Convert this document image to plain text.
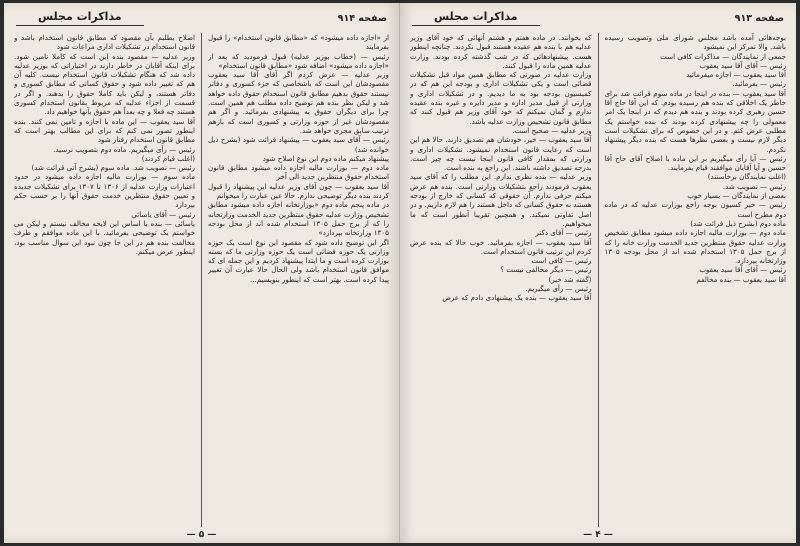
مذاکرات مجلس	صفحه ۹۱۴

از «اجازه داده میشود» که «مطابق قانون استخدام» را قبول بفرمایند

رئیس — (خطاب بوزیر عدلیه) قبول فرمودید که بعد از «اجازه داده میشود» اضافه شود «مطابق قانون استخدام»

وزیر عدلیه — عرض کردم اگر آقای آقا سید یعقوب مقصودشان این است که باشخاصی که جزء کسوری و دفاتر نیستند حقوق بدهیم مطابق قانون استخدام حقوق داده خواهد شد و لیکن نظر بنده هم توضیح داده مطلب هم همین است. چرا برای دیگران حقوق به پیشنهادی بفرمائید. و اگر هم مقصودشان غیر از حوزه وزارتی و کسوری است که بازهم ترتیب سابق مجری خواهد شد.

رئیس — آقای سید یعقوب — پیشنهاد قرائت شود (بشرح ذیل خوانده شد)

پیشنهاد میکنم ماده دوم این نوع اصلاح شود

ماده دوم — بوزارت مالیه اجازه داده میشود مطابق قانون استخدام حقوق منتظرین جدید الی آخر

آقا سید یعقوب — چون آقای وزیر عدلیه این پیشنهاد را قبول کردند بنده دیگر توضیحی ندارم. حالا عین عبارت را میخوانم

در ماده پنجم ماده دوم «بوزارتخانه اجازه داده میشود مطابق تشخیص وزارت عدلیه حقوق منتظرین جدید الخدمت وزارتخانه را که از برج حمل ۱۳۰۵ استخدام شده اند از محل بودجه ۱۳۰۵ وزارتخانه بپردازد»

اگر این توضیح داده شود که مقصود این نوع است یک حوزه وزارتی یک حوزه قضائی است یک حوزه وزارتی ما که بسته بوزارت کرده است و ما ابتدا پیشنهاد کردیم و این جمله ای که موافق قانون استخدام باشد ولی الحال حالا عبارت آن تغییر پیدا کرده است. بهتر است که اینطور بنویسیم...

اصلاح بطلبم بآن مقصود که مطابق قانون استخدام باشد و قانون استخدام در تشکیلات اداری مراعات شود

وزیر عدلیه — مقصود بنده این است که کاملا تامین شود. برای اینکه آقایان در خاطر دارند در اختیاراتی که بوزیر عدلیه داده شد که هنگام تشکیلات قانون استخدام نیست. کلیه آن هم که تغییر داده شود و حقوق کسانی که مطابق کسوری و دفاتر هستند، و لیکن باید کاملا حقوق را بدهند. و اگر در قسمت از اجزاء عدلیه که مربوط بقانون استخدام کسوری هستند چه فعلا و چه بعداً هم حقوق بآنها خواهیم داد.

آقا سید یعقوب — این ماده با اجازه و تامین نمی کنند. بنده اینطور تصور نمی کنم که برای این مطالب بهتر است که مطابق قانون استخدام رفتار شود

رئیس — رأی میگیریم. ماده دوم بتصویب نرسید.

(اغلب قیام کردند)

رئیس — تصویب شد. ماده سوم (بشرح آتی قرائت شد)

ماده سوم — بوزارت مالیه اجازه داده میشود در حدود اعتبارات وزارت عدلیه از ۱۳۰۶ تا ۱۳۰۷ برای تشکیلات جدیده و تعیین حقوق منتظرین خدمت حقوق آنها را بر حسب حکم بپردازد

رئیس — آقای یاسائی

یاسائی — بنده با اساس این لایحه مخالف نیستم و لیکن می خواستم یک توضیحی بفرمائید. با این ماده موافقم و طرف مخالفت بنده هم در این جا چون نبود این سوال مناسب بود، اینطور عرض میکنم.

— ۵ —
مذاکرات مجلس	صفحه ۹۱۳

بوجه‌هائی آمده باشد مجلس شورای ملی وتصویب رسیده باشد. والا تمرکز این نمیشود

جمعی از نمایندگان — مذاکرات کافی است

رئیس — آقای آقا سید یعقوب

آقا سید یعقوب — اجازه میفرمائید

رئیس — بفرمائید.

آقا سید یعقوب — بنده در اینجا در ماده سوم قرائت شد برای خاطر یک اخلاقی که بنده هم رسیده بودم. که این آقا حاج آقا حسین رهبری کرده بودند و بنده هم دیدم که در اینجا یک امر معمولی را چه پیشنهادی کرده بودند که بنده خواستم یک مطلبی عرض کنم. و در این خصوص که برای تشکیلات است دیگر لازم نیست و بعضی نظرها هست که بنده دیگر پیشنهاد نکردم.

رئیس — آیا رأی میگیریم بر این ماده با اصلاح آقای حاج آقا حسین و آیا آقایان موافقند قیام بفرمایند.

(اغلب نمایندگان برخاستند)

رئیس — تصویب شد.

بعضی از نمایندگان — بسیار خوب

رئیس — خیر کسیون بوجه راجع بوزارت عدلیه که در ماده دوم مطرح است

ماده دوم (بشرح ذیل قرائت شد)

ماده دوم — بوزارت مالیه اجازه داده میشود مطابق تشخیص وزارت عدلیه حقوق منتظرین جدید الخدمت وزارت خانه را که از برج حمل ۱۳۰۵ استخدام شده اند از محل بودجه ۱۳۰۵ وزارتخانه بپردازد.

رئیس — آقای آقا سید یعقوب

آقا سید یعقوب — بنده مخالفم

که بخوانند. در ماده هفتم و هشتم آنهائی که خود آقای وزیر عدلیه هم با بنده هم عقیده هستند قبول نکردند. چنانچه اینطور هست. پیشنهادهائی که در شب گذشته کرده بودند. وزارت عدلیه همین ماده را قبول کنند.

وزارت عدلیه در صورتی که مطابق همین مواد قبل تشکیلات قضائی است و یکی تشکیلات اداری و بودجه این هم که در کمیسیون بودجه بود به ما دیدیم. و در تشکیلات اداری و وزارتی از قبیل مدیر اداره و مدیر دایره و غیره بنده عقیده ندارم و گمان نمیکنم که خود آقای وزیر هم قبول کنند که مطابق قانون تشخیص وزارت عدلیه باشد.

وزیر عدلیه — صحیح است.

آقا سید یعقوب — خیر، خودشان هم تصدیق دارند. حالا هم این است که رعایت قانون استخدام نمیشود. تشکیلات اداری و وزارتی که بمقدار کافی قانون اینجا نیست چه چیز است. بدرجه تصدیق داشته باشند. این راجع به بنده است.

وزیر عدلیه — بنده نظری ندارم. این مطلب را که آقای سید یعقوب فرمودند راجع بتشکیلات وزارتی است. بنده هم عرض میکنم حرفی ندارم. آن حقوقی که کسانی که خارج از بودجه هستند نه حقوق کسانی که داخل هستند را هم لازم داریم. و در اصل تفاوتی نمیکند. و همچنین تقریبا آنطور است که ما میخواهیم.

رئیس — آقای دکتر

آقا سید یعقوب — اجازه بفرمائید. خوب حالا که بنده عرض کردم این ترتیب قانون استخدام است.

رئیس — کافی است

رئیس — دیگر مخالفی نیست ؟

(گفته شد خیر)

رئیس — رأی میگیریم.

آقا سید یعقوب — بنده یک پیشنهادی دادم که عرض

— ۴ —
